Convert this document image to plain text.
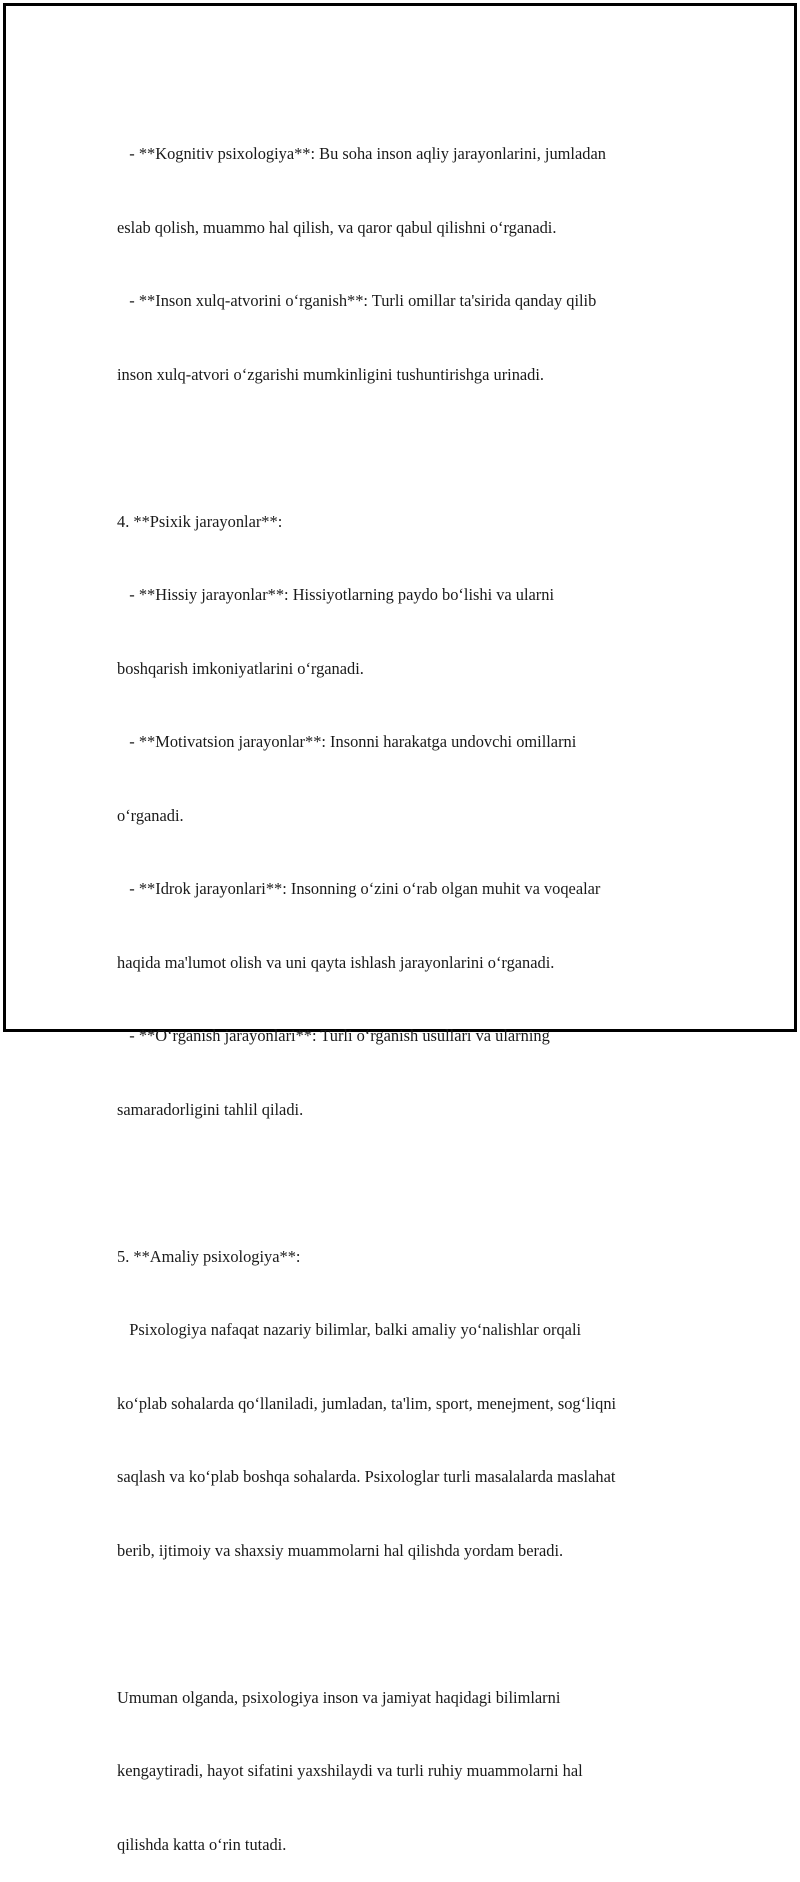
- **Kognitiv psixologiya**: Bu soha inson aqliy jarayonlarini, jumladan

eslab qolish, muammo hal qilish, va qaror qabul qilishni o‘rganadi.

- **Inson xulq-atvorini o‘rganish**: Turli omillar ta'sirida qanday qilib

inson xulq-atvori o‘zgarishi mumkinligini tushuntirishga urinadi.

4. **Psixik jarayonlar**:

- **Hissiy jarayonlar**: Hissiyotlarning paydo bo‘lishi va ularni

boshqarish imkoniyatlarini o‘rganadi.

- **Motivatsion jarayonlar**: Insonni harakatga undovchi omillarni

o‘rganadi.

- **Idrok jarayonlari**: Insonning o‘zini o‘rab olgan muhit va voqealar

haqida ma'lumot olish va uni qayta ishlash jarayonlarini o‘rganadi.

- **O‘rganish jarayonlari**: Turli o‘rganish usullari va ularning

samaradorligini tahlil qiladi.

5. **Amaliy psixologiya**:

Psixologiya nafaqat nazariy bilimlar, balki amaliy yo‘nalishlar orqali

ko‘plab sohalarda qo‘llaniladi, jumladan, ta'lim, sport, menejment, sog‘liqni

saqlash va ko‘plab boshqa sohalarda. Psixologlar turli masalalarda maslahat

berib, ijtimoiy va shaxsiy muammolarni hal qilishda yordam beradi.

Umuman olganda, psixologiya inson va jamiyat haqidagi bilimlarni

kengaytiradi, hayot sifatini yaxshilaydi va turli ruhiy muammolarni hal

qilishda katta o‘rin tutadi.
